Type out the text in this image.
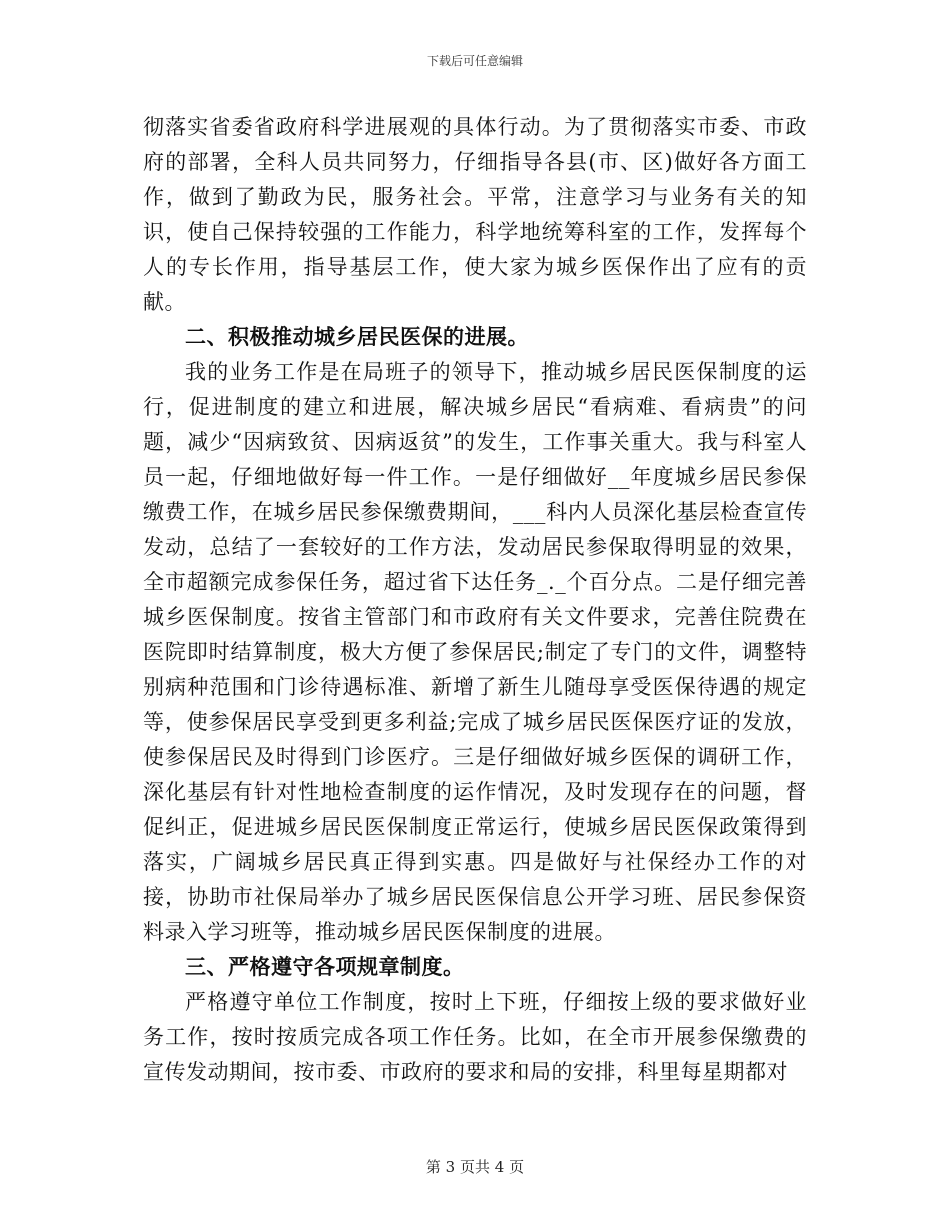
下载后可任意编辑

彻落实省委省政府科学进展观的具体行动。为了贯彻落实市委、市政府的部署，全科人员共同努力，仔细指导各县(市、区)做好各方面工作，做到了勤政为民，服务社会。平常，注意学习与业务有关的知识，使自己保持较强的工作能力，科学地统筹科室的工作，发挥每个人的专长作用，指导基层工作，使大家为城乡医保作出了应有的贡献。

二、积极推动城乡居民医保的进展。

我的业务工作是在局班子的领导下，推动城乡居民医保制度的运行，促进制度的建立和进展，解决城乡居民“看病难、看病贵”的问题，减少“因病致贫、因病返贫”的发生，工作事关重大。我与科室人员一起，仔细地做好每一件工作。一是仔细做好__年度城乡居民参保缴费工作，在城乡居民参保缴费期间，___科内人员深化基层检查宣传发动，总结了一套较好的工作方法，发动居民参保取得明显的效果，全市超额完成参保任务，超过省下达任务_._个百分点。二是仔细完善城乡医保制度。按省主管部门和市政府有关文件要求，完善住院费在医院即时结算制度，极大方便了参保居民;制定了专门的文件，调整特别病种范围和门诊待遇标准、新增了新生儿随母享受医保待遇的规定等，使参保居民享受到更多利益;完成了城乡居民医保医疗证的发放，使参保居民及时得到门诊医疗。三是仔细做好城乡医保的调研工作，深化基层有针对性地检查制度的运作情况，及时发现存在的问题，督促纠正，促进城乡居民医保制度正常运行，使城乡居民医保政策得到落实，广阔城乡居民真正得到实惠。四是做好与社保经办工作的对接，协助市社保局举办了城乡居民医保信息公开学习班、居民参保资料录入学习班等，推动城乡居民医保制度的进展。

三、严格遵守各项规章制度。

严格遵守单位工作制度，按时上下班，仔细按上级的要求做好业务工作，按时按质完成各项工作任务。比如，在全市开展参保缴费的宣传发动期间，按市委、市政府的要求和局的安排，科里每星期都对

第 3 页共 4 页
